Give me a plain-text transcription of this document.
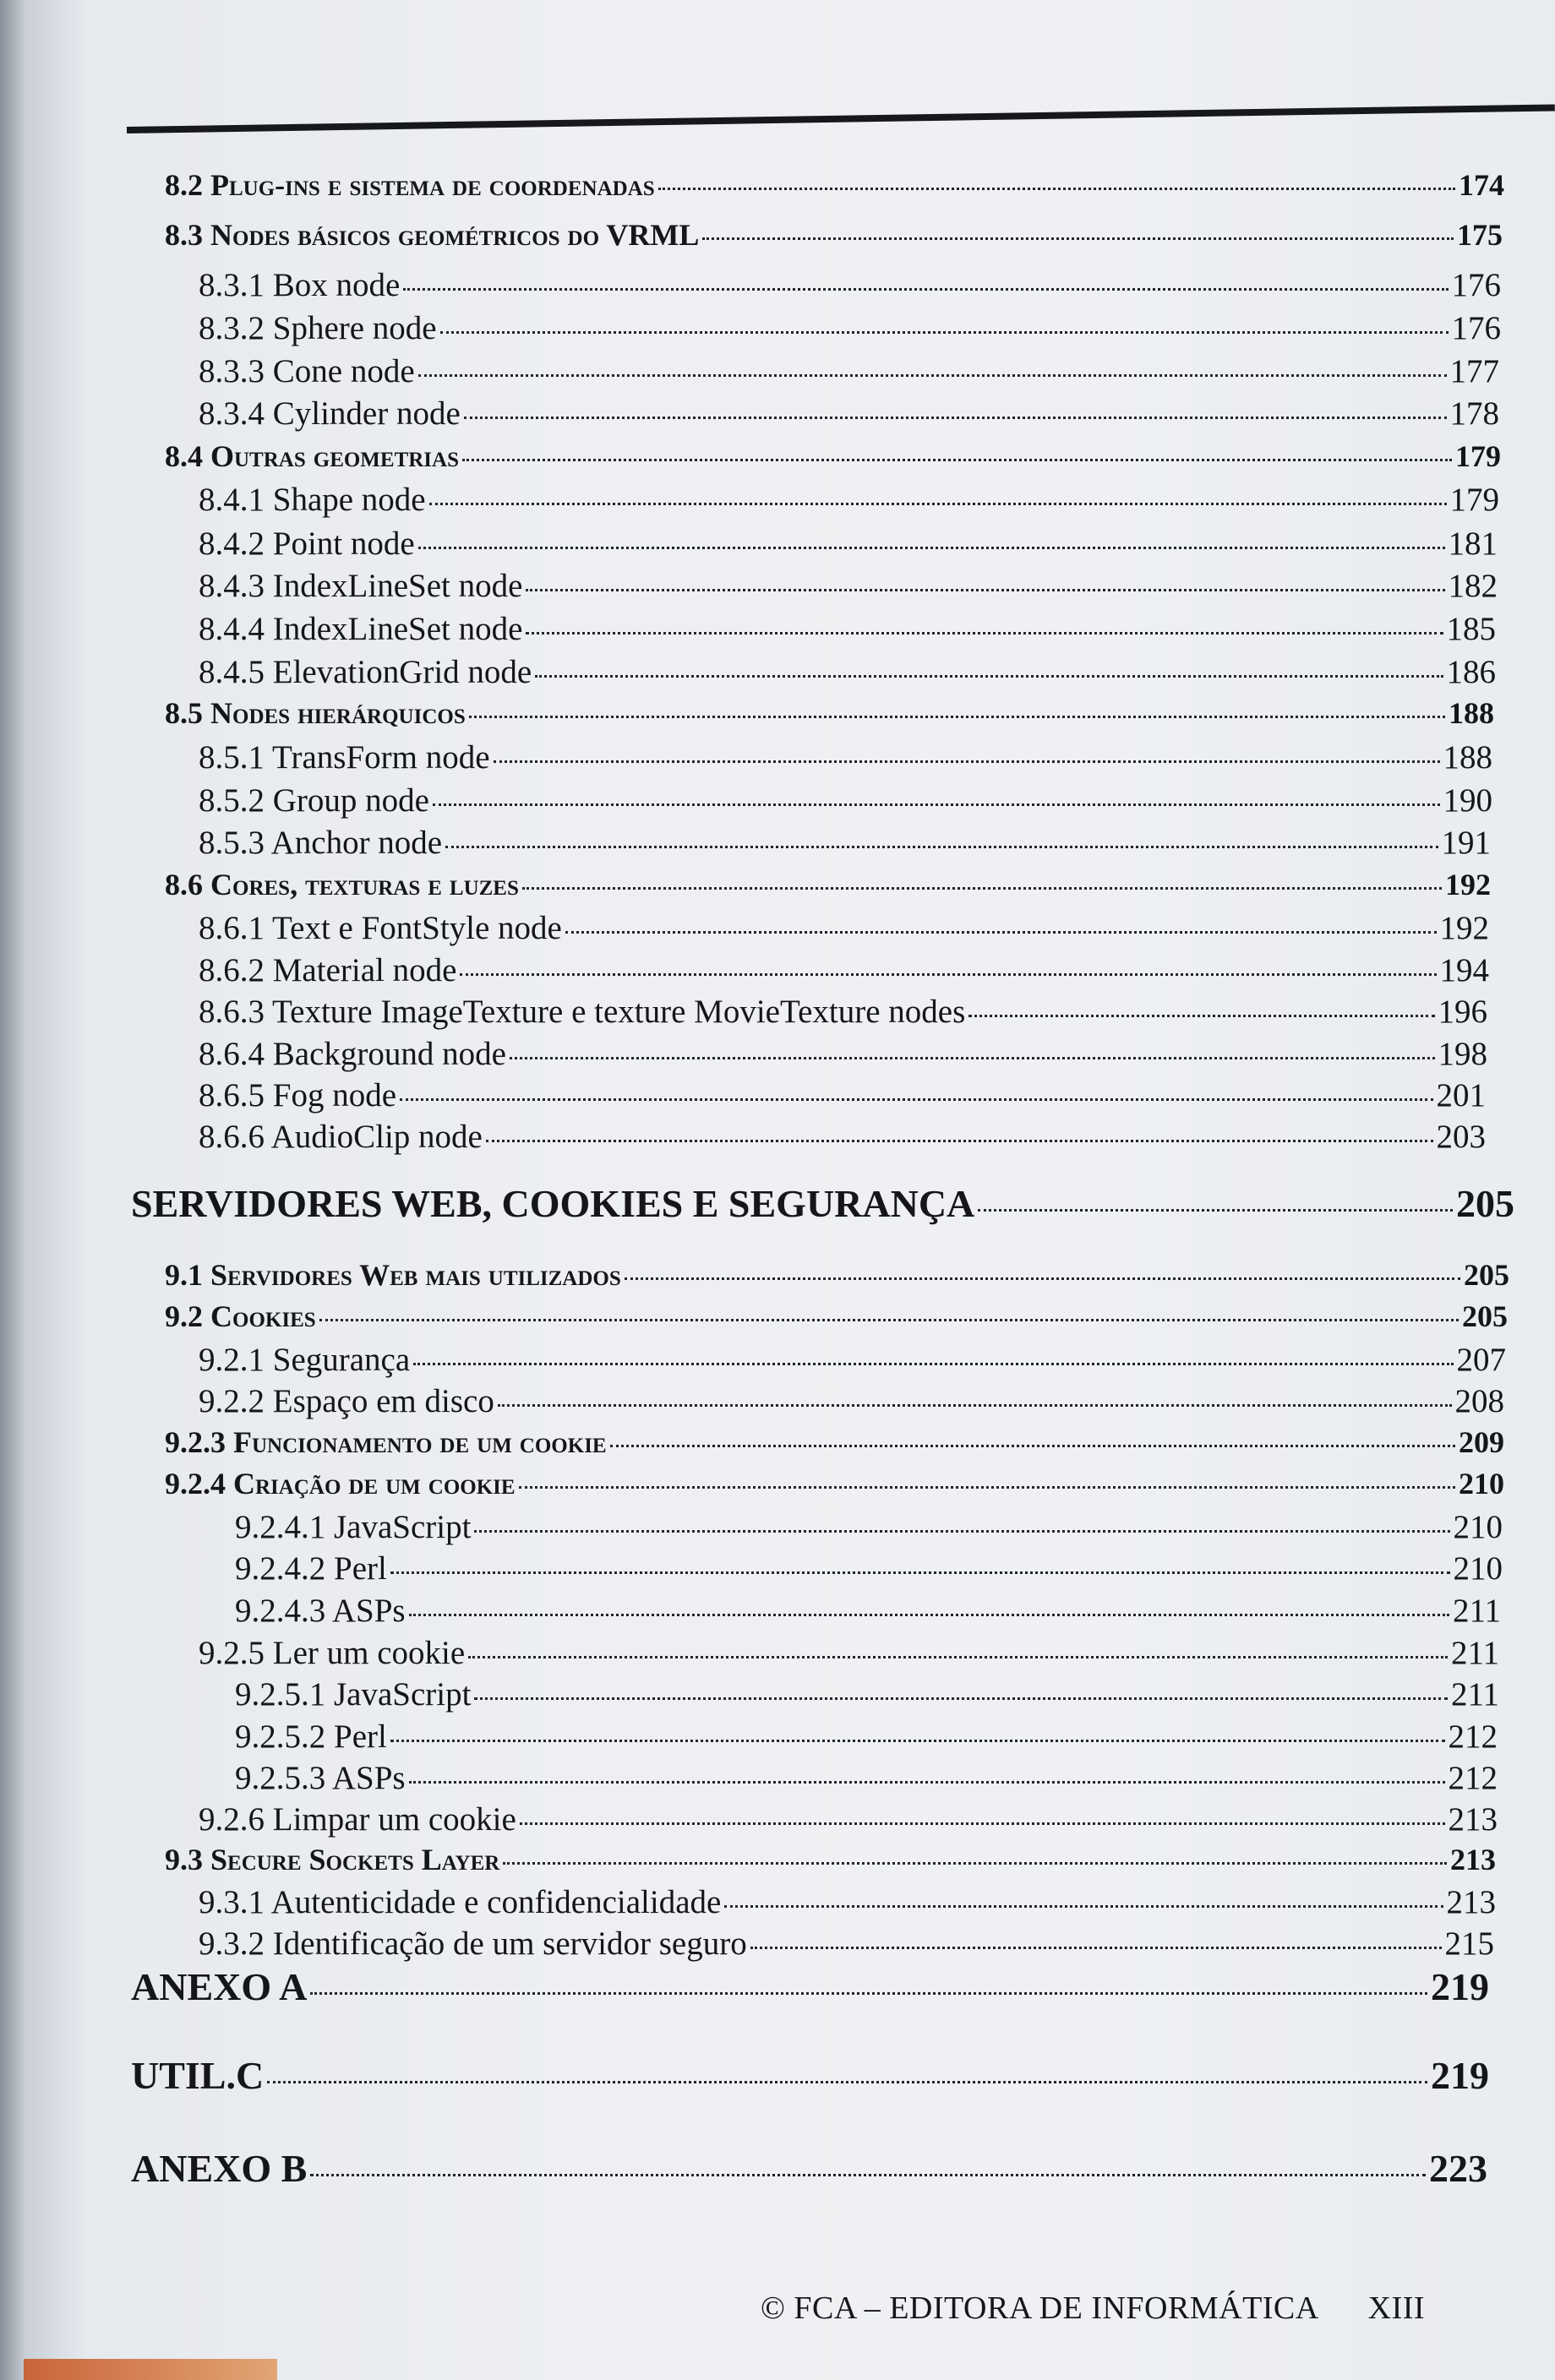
8.2 Plug-ins e sistema de coordenadas	174
8.3 Nodes básicos geométricos do VRML	175
8.3.1 Box node	176
8.3.2 Sphere node	176
8.3.3 Cone node	177
8.3.4 Cylinder node	178
8.4 Outras geometrias	179
8.4.1 Shape node	179
8.4.2 Point node	181
8.4.3 IndexLineSet node	182
8.4.4 IndexLineSet node	185
8.4.5 ElevationGrid node	186
8.5 Nodes hierárquicos	188
8.5.1 TransForm node	188
8.5.2 Group node	190
8.5.3 Anchor node	191
8.6 Cores, texturas e luzes	192
8.6.1 Text e FontStyle node	192
8.6.2 Material node	194
8.6.3 Texture ImageTexture e texture MovieTexture nodes	196
8.6.4 Background node	198
8.6.5 Fog node	201
8.6.6 AudioClip node	203
SERVIDORES WEB, COOKIES E SEGURANÇA	205
9.1 Servidores Web mais utilizados	205
9.2 Cookies	205
9.2.1 Segurança	207
9.2.2 Espaço em disco	208
9.2.3 Funcionamento de um cookie	209
9.2.4 Criação de um cookie	210
9.2.4.1 JavaScript	210
9.2.4.2 Perl	210
9.2.4.3 ASPs	211
9.2.5 Ler um cookie	211
9.2.5.1 JavaScript	211
9.2.5.2 Perl	212
9.2.5.3 ASPs	212
9.2.6 Limpar um cookie	213
9.3 Secure Sockets Layer	213
9.3.1 Autenticidade e confidencialidade	213
9.3.2 Identificação de um servidor seguro	215
ANEXO A	219
UTIL.C	219
ANEXO B	223
© FCA – EDITORA DE INFORMÁTICA XIII
